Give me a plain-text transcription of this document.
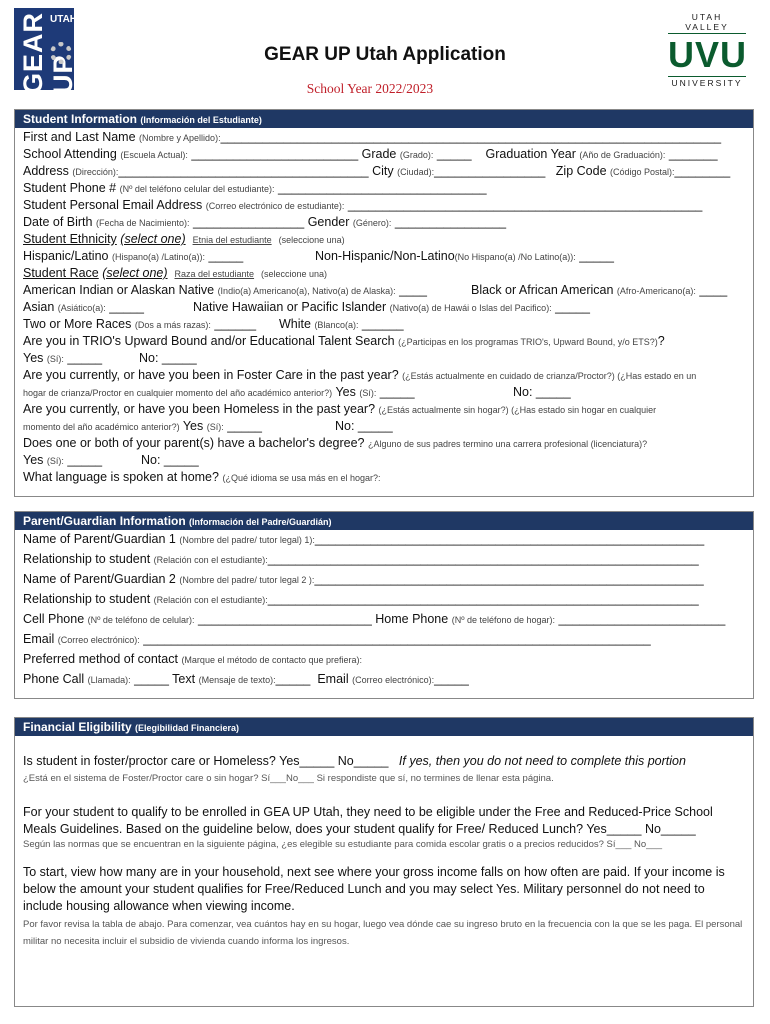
GEAR UP
UTAH	UTAH VALLEY
UVU
UNIVERSITY
GEAR UP Utah Application
School Year 2022/2023
Student Information (Información del Estudiante)
First and Last Name (Nombre y Apellido):________________________________________________________________________
School Attending (Escuela Actual): ________________________ Grade (Grado): _____    Graduation Year (Año de Graduación): _______
Address (Dirección):____________________________________ City (Ciudad):________________ Zip Code (Código Postal):________
Student Phone # (Nº del teléfono celular del estudiante): ______________________________
Student Personal Email Address (Correo electrónico de estudiante): ___________________________________________________
Date of Birth (Fecha de Nacimiento): ________________ Gender (Género): ________________
Student Ethnicity (select one) Etnia del estudiante (seleccione una)
Hispanic/Latino (Hispano(a) /Latino(a)): _____	Non-Hispanic/Non-Latino(No Hispano(a) /No Latino(a)): _____
Student Race (select one) Raza del estudiante (seleccione una)
American Indian or Alaskan Native (Indio(a) Americano(a), Nativo(a) de Alaska): ____	Black or African American (Afro-Americano(a): ____
Asian (Asiático(a): _____	Native Hawaiian or Pacific Islander (Nativo(a) de Hawái o Islas del Pacifico): _____
Two or More Races (Dos a más razas): ______ White (Blanco(a): ______
Are you in TRIO's Upward Bound and/or Educational Talent Search (¿Participas en los programas TRIO's, Upward Bound, y/o ETS?)?
Yes (Sí): _____	No: _____
Are you currently, or have you been in Foster Care in the past year? (¿Estás actualmente en cuidado de crianza/Proctor?) (¿Has estado en un
hogar de crianza/Proctor en cualquier momento del año académico anterior?) Yes (Sí): _____	No: _____
Are you currently, or have you been Homeless in the past year? (¿Estás actualmente sin hogar?) (¿Has estado sin hogar en cualquier
momento del año académico anterior?) Yes (Sí): _____	No: _____
Does one or both of your parent(s) have a bachelor's degree? ¿Alguno de sus padres termino una carrera profesional (licenciatura)?
Yes (Sí): _____	No: _____
What language is spoken at home? (¿Qué idioma se usa más en el hogar?:
Parent/Guardian Information (Información del Padre/Guardián)
Name of Parent/Guardian 1 (Nombre del padre/ tutor legal) 1):________________________________________________________
Relationship to student (Relación con el estudiante):______________________________________________________________
Name of Parent/Guardian 2 (Nombre del padre/ tutor legal 2 ):________________________________________________________
Relationship to student (Relación con el estudiante):______________________________________________________________
Cell Phone (Nº de teléfono de celular): _________________________ Home Phone (Nº de teléfono de hogar): ________________________
Email (Correo electrónico): _________________________________________________________________________
Preferred method of contact (Marque el método de contacto que prefiera):
Phone Call (Llamada): _____ Text (Mensaje de texto):_____  Email (Correo electrónico):_____
Financial Eligibility (Elegibilidad Financiera)
Is student in foster/proctor care or Homeless? Yes_____ No_____ If yes, then you do not need to complete this portion
¿Está en el sistema de Foster/Proctor care o sin hogar? Sí___No___ Si respondiste que sí, no termines de llenar esta página.
For your student to qualify to be enrolled in GEA UP Utah, they need to be eligible under the Free and Reduced-Price School
Meals Guidelines. Based on the guideline below, does your student qualify for Free/ Reduced Lunch? Yes_____ No_____
Según las normas que se encuentran en la siguiente página, ¿es elegible su estudiante para comida escolar gratis o a precios reducidos? Sí___ No___
To start, view how many are in your household, next see where your gross income falls on how often are paid. If your income is below the amount your student qualifies for Free/Reduced Lunch and you may select Yes. Military personnel do not need to include housing allowance when viewing income.
Por favor revisa la tabla de abajo. Para comenzar, vea cuántos hay en su hogar, luego vea dónde cae su ingreso bruto en la frecuencia con la que se les paga. El personal militar no necesita incluir el subsidio de vivienda cuando informa los ingresos.
